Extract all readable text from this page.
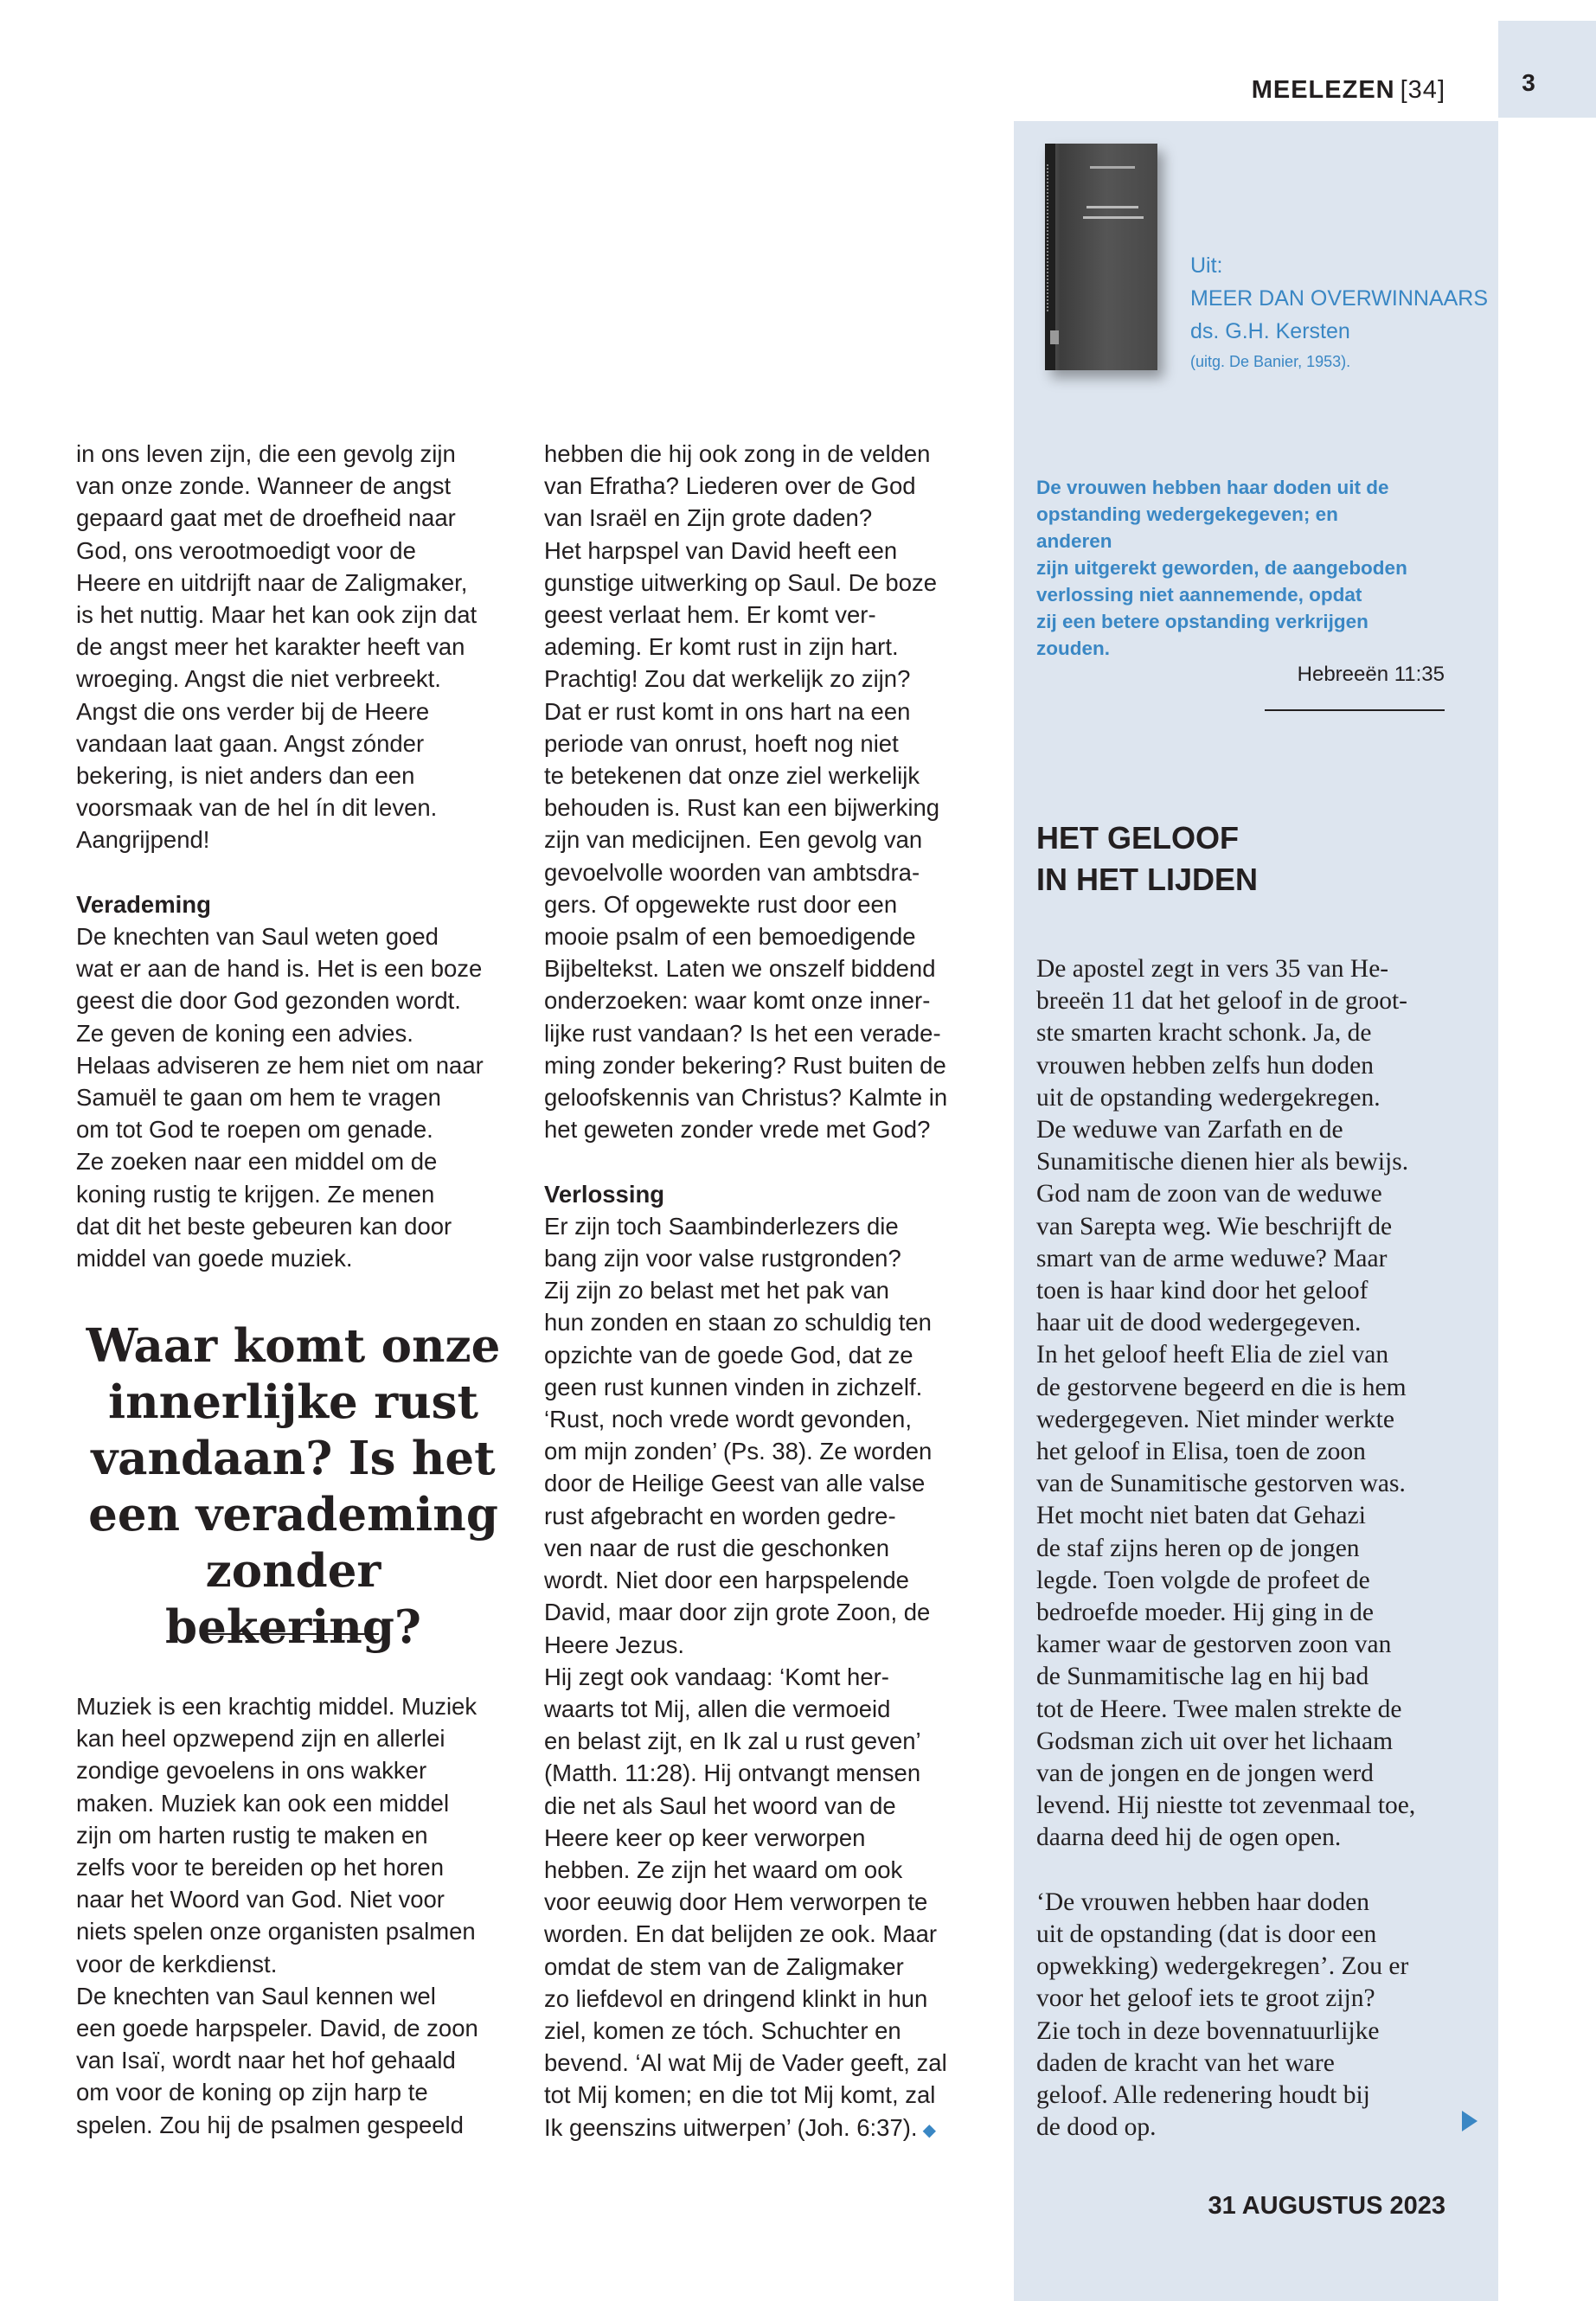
3
MEELEZEN [34]
Uit:
MEER DAN OVERWINNAARS
ds. G.H. Kersten
(uitg. De Banier, 1953).
in ons leven zijn, die een gevolg zijn
van onze zonde. Wanneer de angst
gepaard gaat met de droefheid naar
God, ons verootmoedigt voor de
Heere en uitdrijft naar de Zaligmaker,
is het nuttig. Maar het kan ook zijn dat
de angst meer het karakter heeft van
wroeging. Angst die niet verbreekt.
Angst die ons verder bij de Heere
vandaan laat gaan. Angst zónder
bekering, is niet anders dan een
voorsmaak van de hel ín dit leven.
Aangrijpend!
Verademing
De knechten van Saul weten goed
wat er aan de hand is. Het is een boze
geest die door God gezonden wordt.
Ze geven de koning een advies.
Helaas adviseren ze hem niet om naar
Samuël te gaan om hem te vragen
om tot God te roepen om genade.
Ze zoeken naar een middel om de
koning rustig te krijgen. Ze menen
dat dit het beste gebeuren kan door
middel van goede muziek.
Waar komt onze
innerlijke rust
vandaan? Is het
een verademing
zonder bekering?
Muziek is een krachtig middel. Muziek
kan heel opzwepend zijn en allerlei
zondige gevoelens in ons wakker
maken. Muziek kan ook een middel
zijn om harten rustig te maken en
zelfs voor te bereiden op het horen
naar het Woord van God. Niet voor
niets spelen onze organisten psalmen
voor de kerkdienst.
De knechten van Saul kennen wel
een goede harpspeler. David, de zoon
van Isaï, wordt naar het hof gehaald
om voor de koning op zijn harp te
spelen. Zou hij de psalmen gespeeld
hebben die hij ook zong in de velden
van Efratha? Liederen over de God
van Israël en Zijn grote daden?
Het harpspel van David heeft een
gunstige uitwerking op Saul. De boze
geest verlaat hem. Er komt ver-
ademing. Er komt rust in zijn hart.
Prachtig! Zou dat werkelijk zo zijn?
Dat er rust komt in ons hart na een
periode van onrust, hoeft nog niet
te betekenen dat onze ziel werkelijk
behouden is. Rust kan een bijwerking
zijn van medicijnen. Een gevolg van
gevoelvolle woorden van ambtsdra-
gers. Of opgewekte rust door een
mooie psalm of een bemoedigende
Bijbeltekst. Laten we onszelf biddend
onderzoeken: waar komt onze inner-
lijke rust vandaan? Is het een verade-
ming zonder bekering? Rust buiten de
geloofskennis van Christus? Kalmte in
het geweten zonder vrede met God?
Verlossing
Er zijn toch Saambinderlezers die
bang zijn voor valse rustgronden?
Zij zijn zo belast met het pak van
hun zonden en staan zo schuldig ten
opzichte van de goede God, dat ze
geen rust kunnen vinden in zichzelf.
‘Rust, noch vrede wordt gevonden,
om mijn zonden’ (Ps. 38). Ze worden
door de Heilige Geest van alle valse
rust afgebracht en worden gedre-
ven naar de rust die geschonken
wordt. Niet door een harpspelende
David, maar door zijn grote Zoon, de
Heere Jezus.
Hij zegt ook vandaag: ‘Komt her-
waarts tot Mij, allen die vermoeid
en belast zijt, en Ik zal u rust geven’
(Matth. 11:28). Hij ontvangt mensen
die net als Saul het woord van de
Heere keer op keer verworpen
hebben. Ze zijn het waard om ook
voor eeuwig door Hem verworpen te
worden. En dat belijden ze ook. Maar
omdat de stem van de Zaligmaker
zo liefdevol en dringend klinkt in hun
ziel, komen ze tóch. Schuchter en
bevend. ‘Al wat Mij de Vader geeft, zal
tot Mij komen; en die tot Mij komt, zal
Ik geenszins uitwerpen’ (Joh. 6:37). ◆
De vrouwen hebben haar doden uit de
opstanding wedergekegeven; en anderen
zijn uitgerekt geworden, de aangeboden
verlossing niet aannemende, opdat
zij een betere opstanding verkrijgen
zouden.
Hebreeën 11:35
HET GELOOF
IN HET LIJDEN
De apostel zegt in vers 35 van He-
breeën 11 dat het geloof in de groot-
ste smarten kracht schonk. Ja, de
vrouwen hebben zelfs hun doden
uit de opstanding wedergekregen.
De weduwe van Zarfath en de
Sunamitische dienen hier als bewijs.
God nam de zoon van de weduwe
van Sarepta weg. Wie beschrijft de
smart van de arme weduwe? Maar
toen is haar kind door het geloof
haar uit de dood wedergegeven.
In het geloof heeft Elia de ziel van
de gestorvene begeerd en die is hem
wedergegeven. Niet minder werkte
het geloof in Elisa, toen de zoon
van de Sunamitische gestorven was.
Het mocht niet baten dat Gehazi
de staf zijns heren op de jongen
legde. Toen volgde de profeet de
bedroefde moeder. Hij ging in de
kamer waar de gestorven zoon van
de Sunmamitische lag en hij bad
tot de Heere. Twee malen strekte de
Godsman zich uit over het lichaam
van de jongen en de jongen werd
levend. Hij niestte tot zevenmaal toe,
daarna deed hij de ogen open.
‘De vrouwen hebben haar doden
uit de opstanding (dat is door een
opwekking) wedergekregen’. Zou er
voor het geloof iets te groot zijn?
Zie toch in deze bovennatuurlijke
daden de kracht van het ware
geloof. Alle redenering houdt bij
de dood op.
31 AUGUSTUS 2023
